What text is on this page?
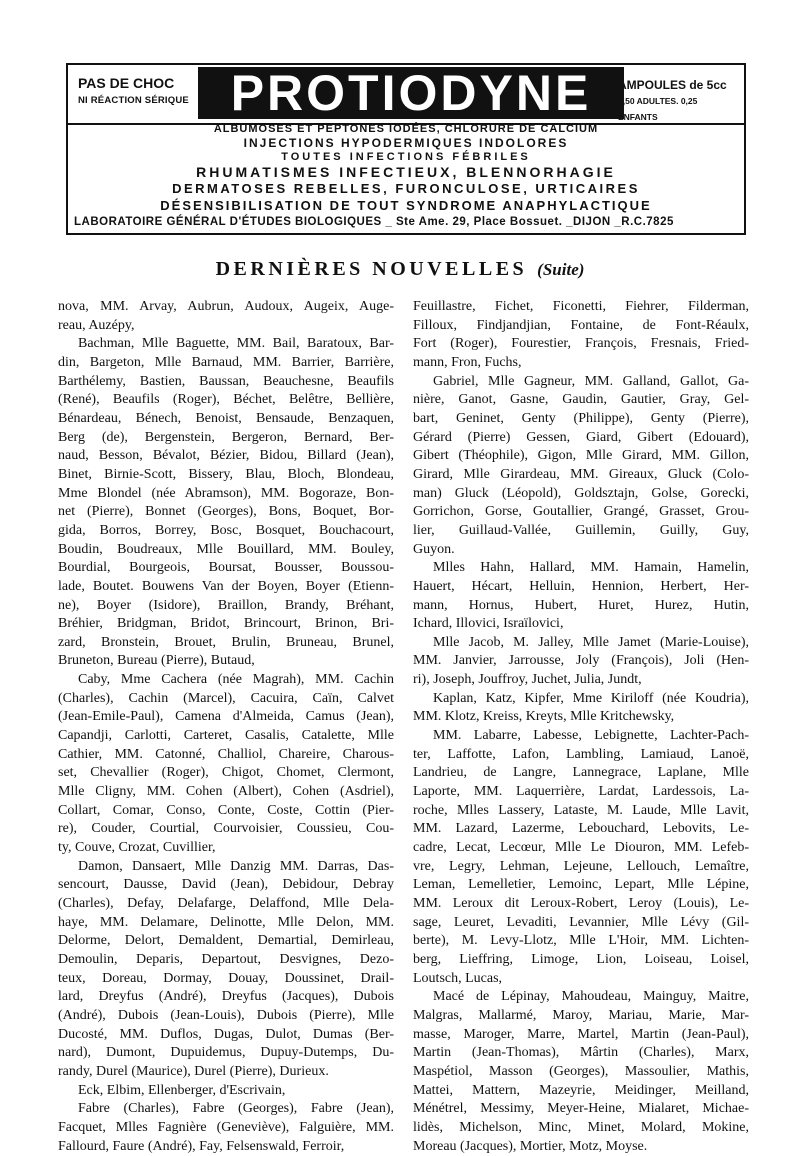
PAS DE CHOC
NI RÉACTION SÉRIQUE PROTIODYNE	AMPOULES de 5cc
0,50 ADULTES. 0,25 ENFANTS
ALBUMOSES ET PEPTONES IODÉES, CHLORURE DE CALCIUM
INJECTIONS HYPODERMIQUES INDOLORES
TOUTES INFECTIONS FÉBRILES
RHUMATISMES INFECTIEUX, BLENNORHAGIE
DERMATOSES REBELLES, FURONCULOSE, URTICAIRES
DÉSENSIBILISATION DE TOUT SYNDROME ANAPHYLACTIQUE
LABORATOIRE GÉNÉRAL D'ÉTUDES BIOLOGIQUES _ Ste Ame. 29, Place Bossuet. _DIJON _R.C.7825
DERNIÈRES NOUVELLES (Suite)
nova, MM. Arvay, Aubrun, Audoux, Augeix, Auge-
reau, Auzépy,
Bachman, Mlle Baguette, MM. Bail, Baratoux, Bar-
din, Bargeton, Mlle Barnaud, MM. Barrier, Barrière,
Barthélemy, Bastien, Baussan, Beauchesne, Beaufils
(René), Beaufils (Roger), Béchet, Belêtre, Bellière,
Bénardeau, Bénech, Benoist, Bensaude, Benzaquen,
Berg (de), Bergenstein, Bergeron, Bernard, Ber-
naud, Besson, Bévalot, Bézier, Bidou, Billard (Jean),
Binet, Birnie-Scott, Bissery, Blau, Bloch, Blondeau,
Mme Blondel (née Abramson), MM. Bogoraze, Bon-
net (Pierre), Bonnet (Georges), Bons, Boquet, Bor-
gida, Borros, Borrey, Bosc, Bosquet, Bouchacourt,
Boudin, Boudreaux, Mlle Bouillard, MM. Bouley,
Bourdial, Bourgeois, Boursat, Bousser, Boussou-
lade, Boutet. Bouwens Van der Boyen, Boyer (Etienn-
ne), Boyer (Isidore), Braillon, Brandy, Bréhant,
Bréhier, Bridgman, Bridot, Brincourt, Brinon, Bri-
zard, Bronstein, Brouet, Brulin, Bruneau, Brunel,
Bruneton, Bureau (Pierre), Butaud,
Caby, Mme Cachera (née Magrah), MM. Cachin
(Charles), Cachin (Marcel), Cacuira, Caïn, Calvet
(Jean-Emile-Paul), Camena d'Almeida, Camus (Jean),
Capandji, Carlotti, Carteret, Casalis, Catalette, Mlle
Cathier, MM. Catonné, Challiol, Chareire, Charous-
set, Chevallier (Roger), Chigot, Chomet, Clermont,
Mlle Cligny, MM. Cohen (Albert), Cohen (Asdriel),
Collart, Comar, Conso, Conte, Coste, Cottin (Pier-
re), Couder, Courtial, Courvoisier, Coussieu, Cou-
ty, Couve, Crozat, Cuvillier,
Damon, Dansaert, Mlle Danzig MM. Darras, Das-
sencourt, Dausse, David (Jean), Debidour, Debray
(Charles), Defay, Delafarge, Delaffond, Mlle Dela-
haye, MM. Delamare, Delinotte, Mlle Delon, MM.
Delorme, Delort, Demaldent, Demartial, Demirleau,
Demoulin, Deparis, Departout, Desvignes, Dezo-
teux, Doreau, Dormay, Douay, Doussinet, Drail-
lard, Dreyfus (André), Dreyfus (Jacques), Dubois
(André), Dubois (Jean-Louis), Dubois (Pierre), Mlle
Ducosté, MM. Duflos, Dugas, Dulot, Dumas (Ber-
nard), Dumont, Dupuidemus, Dupuy-Dutemps, Du-
randy, Durel (Maurice), Durel (Pierre), Durieux.
Eck, Elbim, Ellenberger, d'Escrivain,
Fabre (Charles), Fabre (Georges), Fabre (Jean),
Facquet, Mlles Fagnière (Geneviève), Falguière, MM.
Fallourd, Faure (André), Fay, Felsenswald, Ferroir,
Feuillastre, Fichet, Ficonetti, Fiehrer, Filderman,
Filloux, Findjandjian, Fontaine, de Font-Réaulx,
Fort (Roger), Fourestier, François, Fresnais, Fried-
mann, Fron, Fuchs,
Gabriel, Mlle Gagneur, MM. Galland, Gallot, Ga-
nière, Ganot, Gasne, Gaudin, Gautier, Gray, Gel-
bart, Geninet, Genty (Philippe), Genty (Pierre),
Gérard (Pierre) Gessen, Giard, Gibert (Edouard),
Gibert (Théophile), Gigon, Mlle Girard, MM. Gillon,
Girard, Mlle Girardeau, MM. Gireaux, Gluck (Colo-
man) Gluck (Léopold), Goldsztajn, Golse, Gorecki,
Gorrichon, Gorse, Goutallier, Grangé, Grasset, Grou-
lier, Guillaud-Vallée, Guillemin, Guilly, Guy,
Guyon.
Mlles Hahn, Hallard, MM. Hamain, Hamelin,
Hauert, Hécart, Helluin, Hennion, Herbert, Her-
mann, Hornus, Hubert, Huret, Hurez, Hutin,
Ichard, Illovici, Israïlovici,
Mlle Jacob, M. Jalley, Mlle Jamet (Marie-Louise),
MM. Janvier, Jarrousse, Joly (François), Joli (Hen-
ri), Joseph, Jouffroy, Juchet, Julia, Jundt,
Kaplan, Katz, Kipfer, Mme Kiriloff (née Koudria),
MM. Klotz, Kreiss, Kreyts, Mlle Kritchewsky,
MM. Labarre, Labesse, Lebignette, Lachter-Pach-
ter, Laffotte, Lafon, Lambling, Lamiaud, Lanoë,
Landrieu, de Langre, Lannegrace, Laplane, Mlle
Laporte, MM. Laquerrière, Lardat, Lardessois, La-
roche, Mlles Lassery, Lataste, M. Laude, Mlle Lavit,
MM. Lazard, Lazerme, Lebouchard, Lebovits, Le-
cadre, Lecat, Lecœur, Mlle Le Diouron, MM. Lefeb-
vre, Legry, Lehman, Lejeune, Lellouch, Lemaître,
Leman, Lemelletier, Lemoinc, Lepart, Mlle Lépine,
MM. Leroux dit Leroux-Robert, Leroy (Louis), Le-
sage, Leuret, Levaditi, Levannier, Mlle Lévy (Gil-
berte), M. Levy-Llotz, Mlle L'Hoir, MM. Lichten-
berg, Lieffring, Limoge, Lion, Loiseau, Loisel,
Loutsch, Lucas,
Macé de Lépinay, Mahoudeau, Mainguy, Maitre,
Malgras, Mallarmé, Maroy, Mariau, Marie, Mar-
masse, Maroger, Marre, Martel, Martin (Jean-Paul),
Martin (Jean-Thomas), Mârtin (Charles), Marx,
Maspétiol, Masson (Georges), Massoulier, Mathis,
Mattei, Mattern, Mazeyrie, Meidinger, Meilland,
Ménétrel, Messimy, Meyer-Heine, Mialaret, Michae-
lidès, Michelson, Minc, Minet, Molard, Mokine,
Moreau (Jacques), Mortier, Motz, Moyse.
